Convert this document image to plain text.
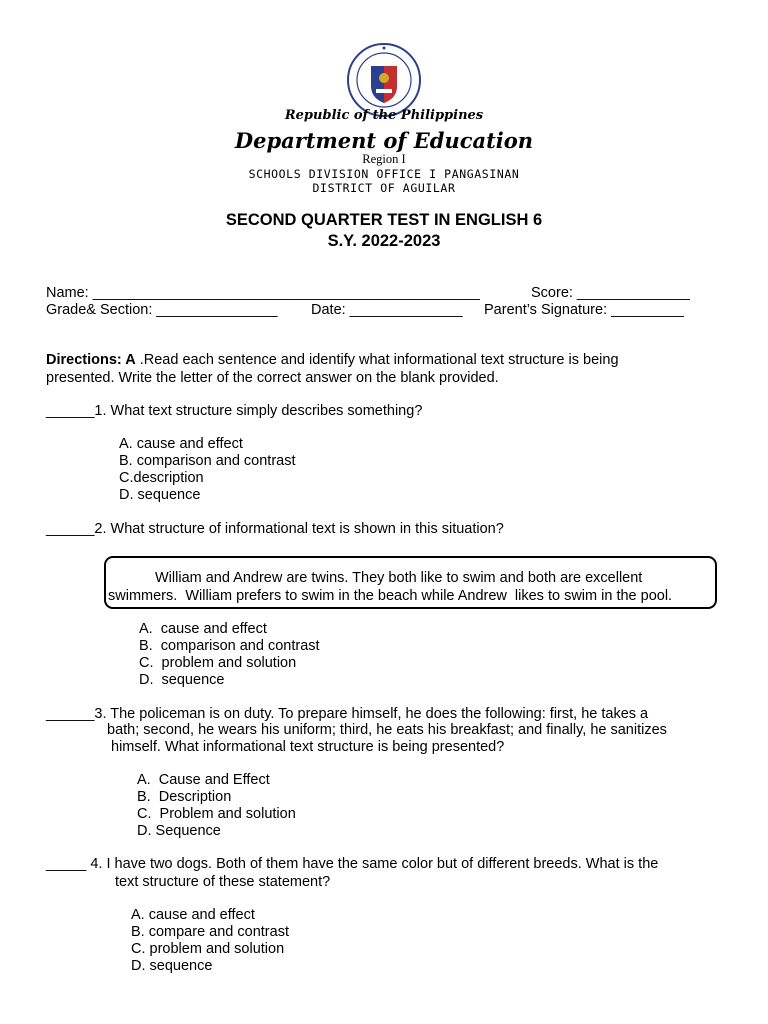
Republic of the Philippines
Department of Education
Region I
SCHOOLS DIVISION OFFICE I PANGASINAN
DISTRICT OF AGUILAR
SECOND QUARTER TEST IN ENGLISH 6
S.Y. 2022-2023
Name: ________________________________________________	Score: ______________
Grade& Section: _______________ Date: ______________ Parent’s Signature: _________
Directions: A .Read each sentence and identify what informational text structure is being
presented. Write the letter of the correct answer on the blank provided.
______1. What text structure simply describes something?
A. cause and effect
B. comparison and contrast
C.description
D. sequence
______2. What structure of informational text is shown in this situation?
William and Andrew are twins. They both like to swim and both are excellent
swimmers.  William prefers to swim in the beach while Andrew  likes to swim in the pool.
A.  cause and effect
B.  comparison and contrast
C.  problem and solution
D.  sequence
______3. The policeman is on duty. To prepare himself, he does the following: first, he takes a
bath; second, he wears his uniform; third, he eats his breakfast; and finally, he sanitizes
himself. What informational text structure is being presented?
A.  Cause and Effect
B.  Description
C.  Problem and solution
D. Sequence
_____ 4. I have two dogs. Both of them have the same color but of different breeds. What is the
text structure of these statement?
A. cause and effect
B. compare and contrast
C. problem and solution
D. sequence
